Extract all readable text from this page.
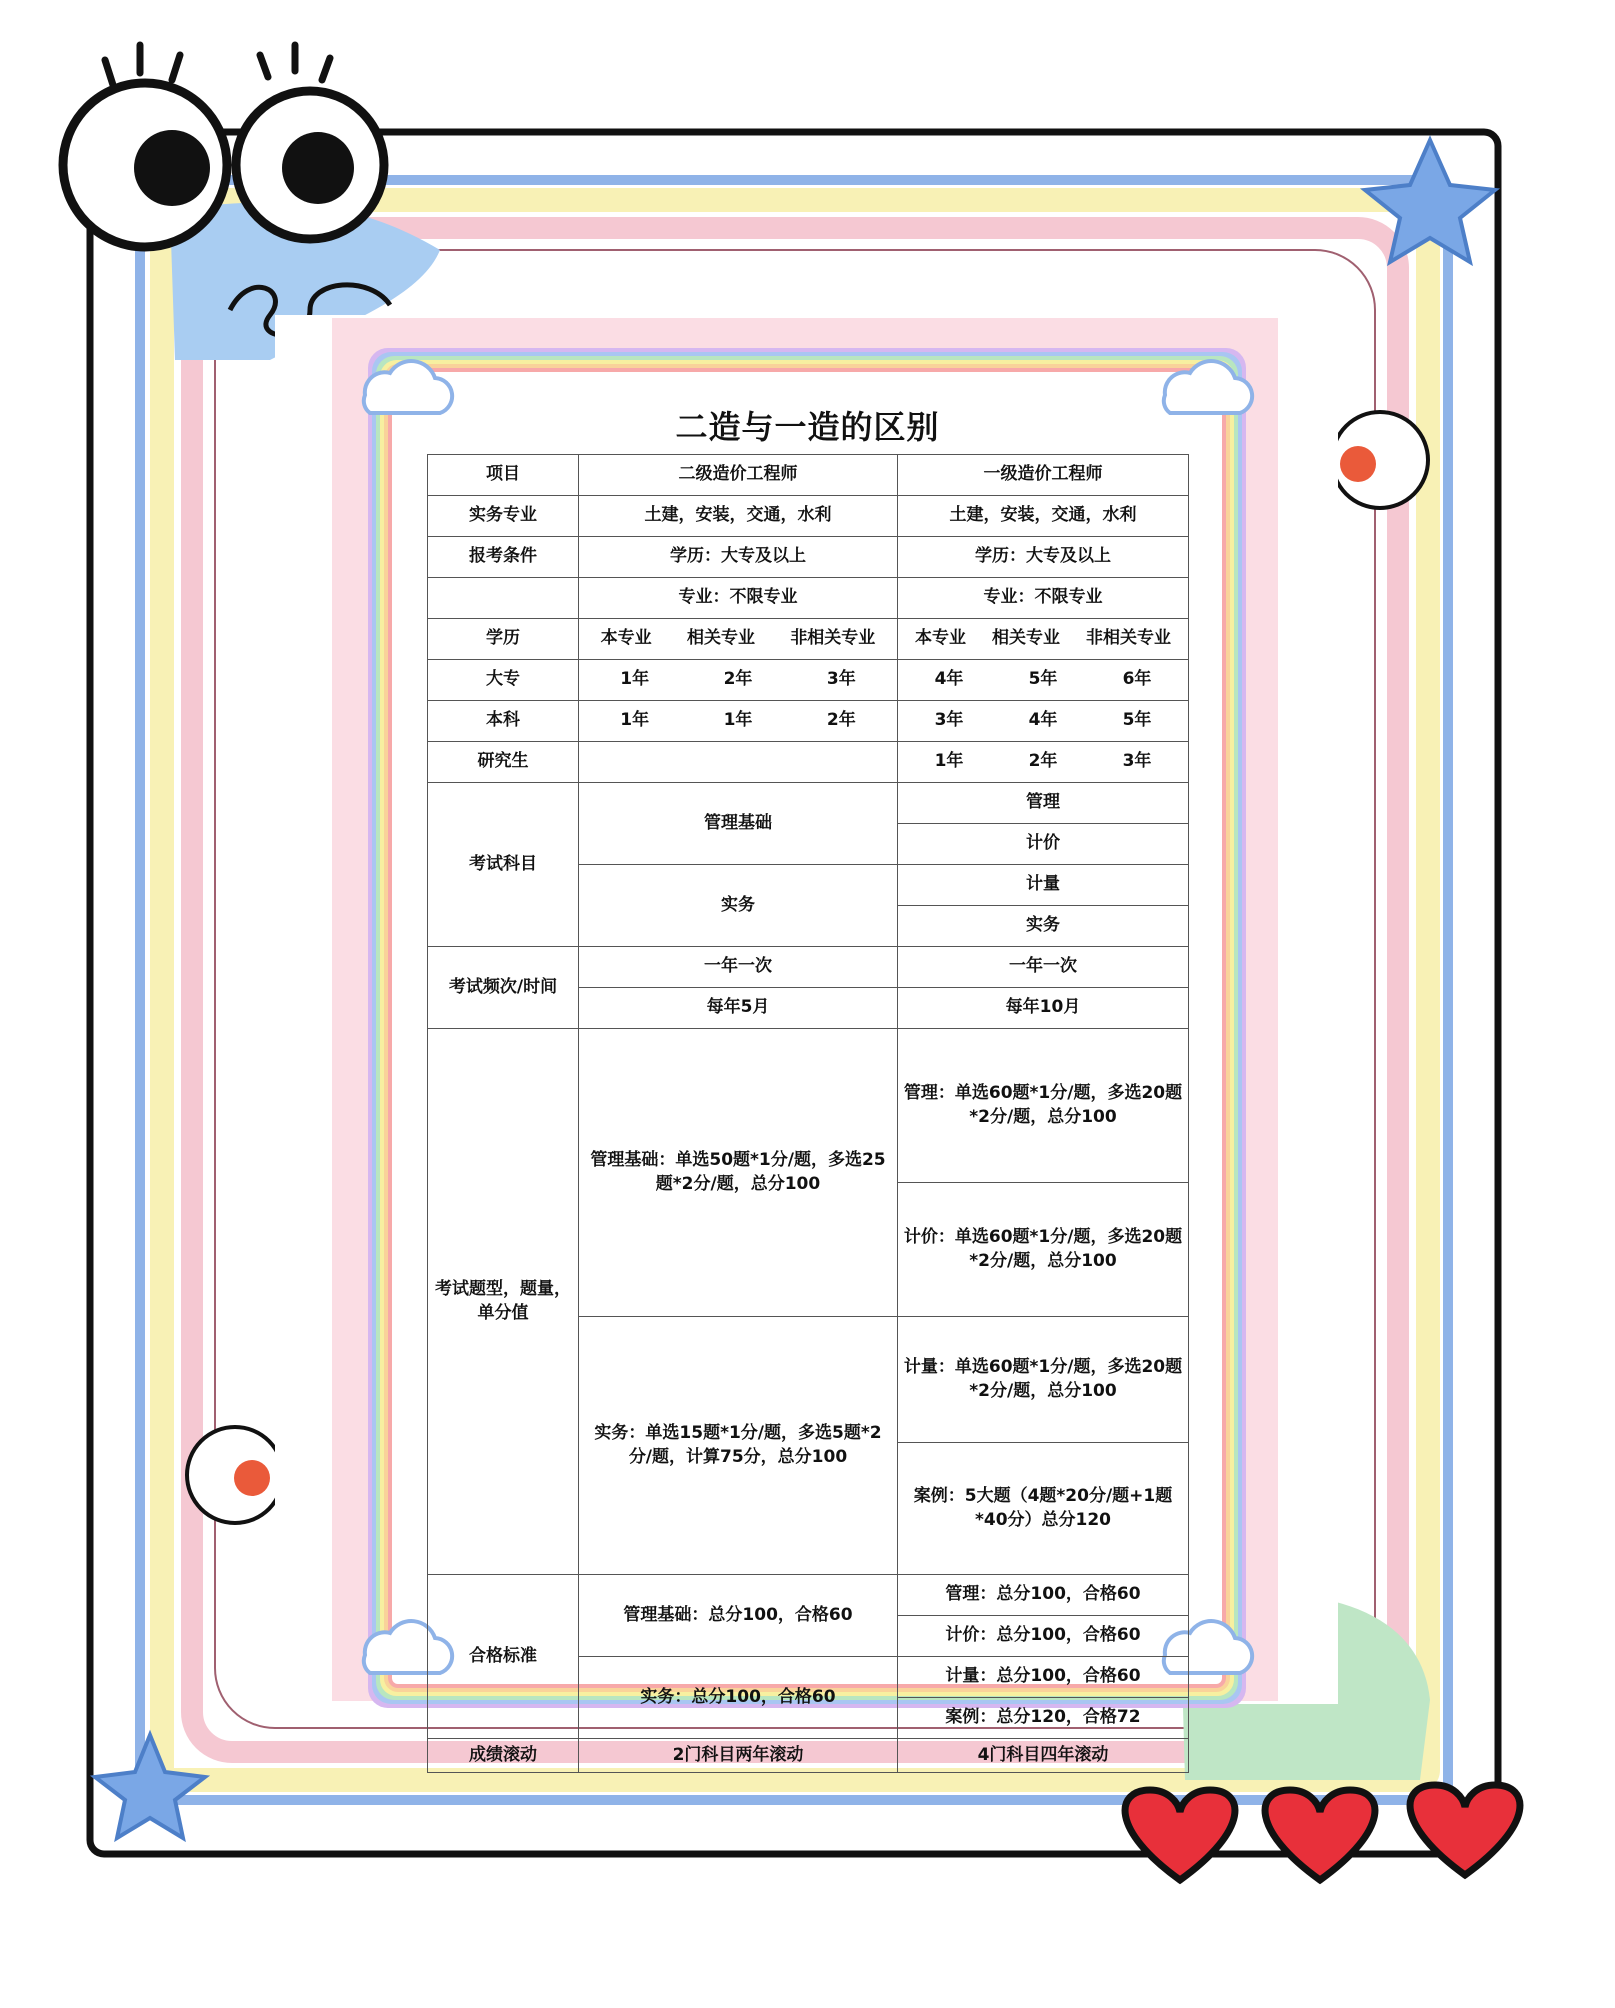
二造与一造的区别
项目	二级造价工程师	一级造价工程师
实务专业	土建，安装，交通，水利	土建，安装，交通，水利
报考条件	学历：大专及以上	学历：大专及以上
	专业：不限专业	专业：不限专业
学历	本专业 相关专业 非相关专业	本专业 相关专业 非相关专业

大专	1年 2年 3年	4年 5年 6年

本科	1年 1年 2年	3年 4年 5年

研究生		1年 2年 3年

考试科目	管理基础	管理
		计价
	实务	计量
		实务
考试频次/时间	一年一次	一年一次
	每年5月	每年10月
考试题型，题量，单分值	管理基础：单选50题*1分/题，多选25题*2分/题，总分100	管理：单选60题*1分/题，多选20题*2分/题，总分100
		计价：单选60题*1分/题，多选20题*2分/题，总分100
	实务：单选15题*1分/题，多选5题*2分/题，计算75分，总分100	计量：单选60题*1分/题，多选20题*2分/题，总分100
		案例：5大题（4题*20分/题+1题*40分）总分120
合格标准	管理基础：总分100，合格60	管理：总分100，合格60
		计价：总分100，合格60
	实务：总分100，合格60	计量：总分100，合格60
		案例：总分120，合格72
成绩滚动	2门科目两年滚动	4门科目四年滚动
